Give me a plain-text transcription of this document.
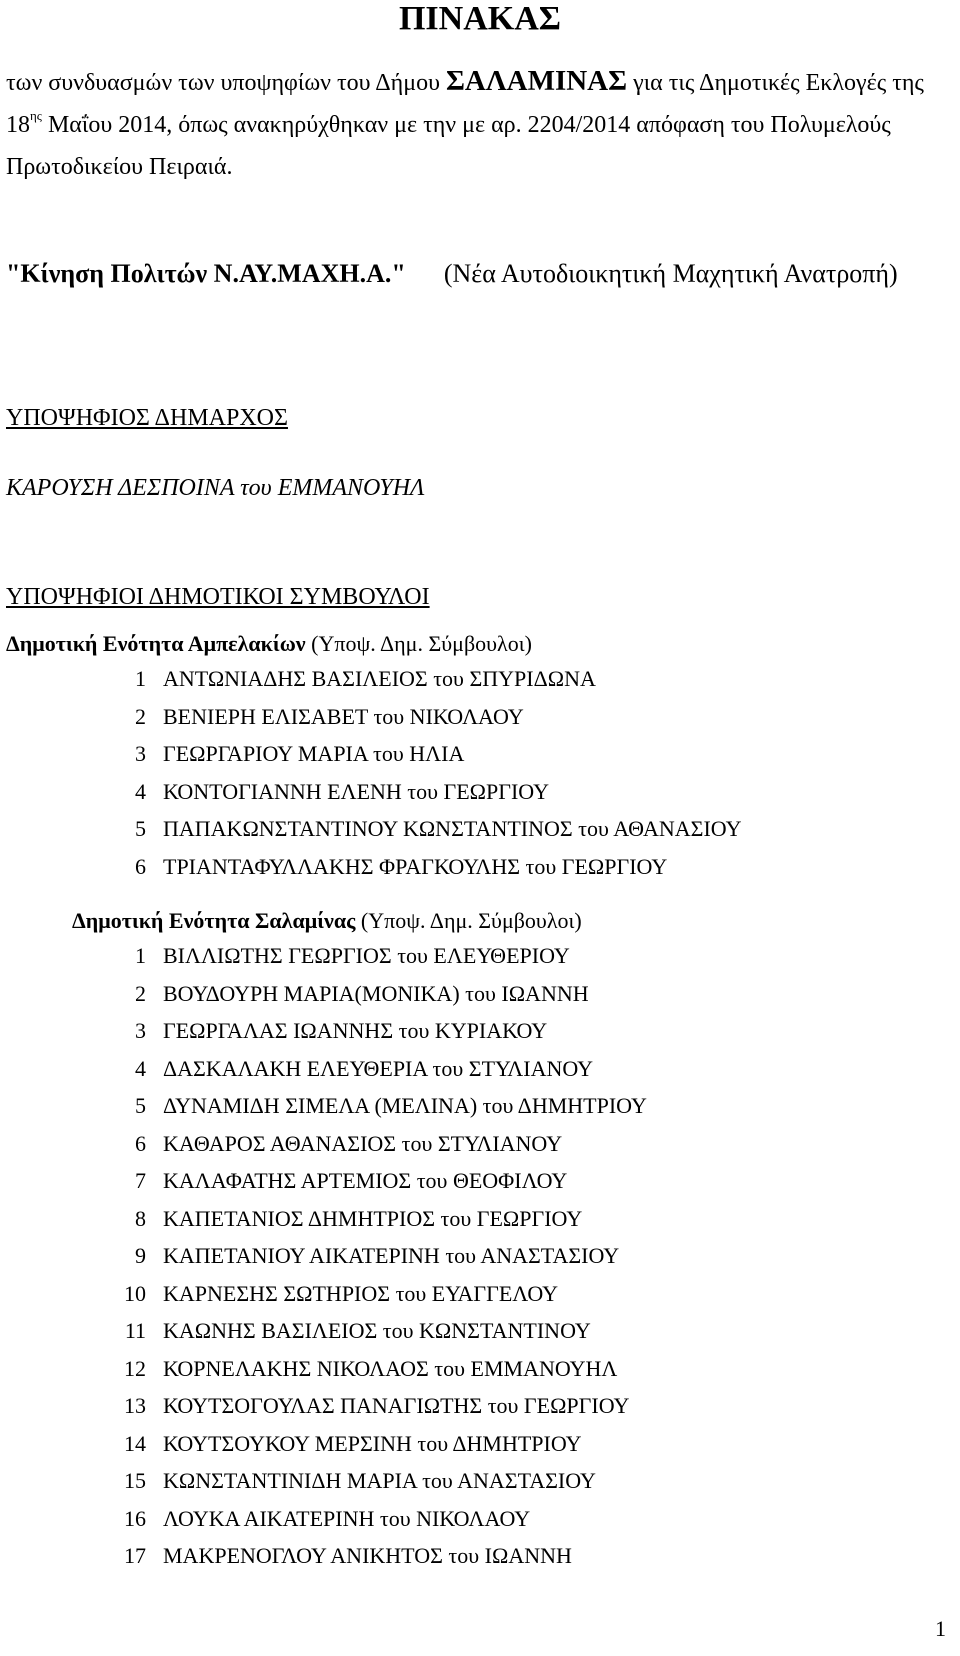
ΠΙΝΑΚΑΣ
των συνδυασμών των υποψηφίων του Δήμου ΣΑΛΑΜΙΝΑΣ για τις Δημοτικές Εκλογές της $18^{\eta\varsigma}$ Μαΐου 2014, όπως ανακηρύχθηκαν με την με αρ. 2204/2014 απόφαση του Πολυμελούς Πρωτοδικείου Πειραιά.
"Κίνηση Πολιτών Ν.ΑΥ.ΜΑΧΗ.Α." (Νέα Αυτοδιοικητική Μαχητική Ανατροπή)
ΥΠΟΨΗΦΙΟΣ ΔΗΜΑΡΧΟΣ
ΚΑΡΟΥΣΗ ΔΕΣΠΟΙΝΑ του ΕΜΜΑΝΟΥΗΛ
ΥΠΟΨΗΦΙΟΙ ΔΗΜΟΤΙΚΟΙ ΣΥΜΒΟΥΛΟΙ
Δημοτική Ενότητα Αμπελακίων (Υποψ. Δημ. Σύμβουλοι)
1 ΑΝΤΩΝΙΑΔΗΣ ΒΑΣΙΛΕΙΟΣ του ΣΠΥΡΙΔΩΝΑ
2 ΒΕΝΙΕΡΗ ΕΛΙΣΑΒΕΤ του ΝΙΚΟΛΑΟΥ
3 ΓΕΩΡΓΑΡΙΟΥ ΜΑΡΙΑ του ΗΛΙΑ
4 ΚΟΝΤΟΓΙΑΝΝΗ ΕΛΕΝΗ του ΓΕΩΡΓΙΟΥ
5 ΠΑΠΑΚΩΝΣΤΑΝΤΙΝΟΥ ΚΩΝΣΤΑΝΤΙΝΟΣ του ΑΘΑΝΑΣΙΟΥ
6 ΤΡΙΑΝΤΑΦΥΛΛΑΚΗΣ ΦΡΑΓΚΟΥΛΗΣ του ΓΕΩΡΓΙΟΥ
Δημοτική Ενότητα Σαλαμίνας (Υποψ. Δημ. Σύμβουλοι)
1 ΒΙΛΛΙΩΤΗΣ ΓΕΩΡΓΙΟΣ του ΕΛΕΥΘΕΡΙΟΥ
2 ΒΟΥΔΟΥΡΗ ΜΑΡΙΑ(ΜΟΝΙΚΑ) του ΙΩΑΝΝΗ
3 ΓΕΩΡΓΑΛΑΣ ΙΩΑΝΝΗΣ του ΚΥΡΙΑΚΟΥ
4 ΔΑΣΚΑΛΑΚΗ ΕΛΕΥΘΕΡΙΑ του ΣΤΥΛΙΑΝΟΥ
5 ΔΥΝΑΜΙΔΗ ΣΙΜΕΛΑ (ΜΕΛΙΝΑ) του ΔΗΜΗΤΡΙΟΥ
6 ΚΑΘΑΡΟΣ ΑΘΑΝΑΣΙΟΣ του ΣΤΥΛΙΑΝΟΥ
7 ΚΑΛΑΦΑΤΗΣ ΑΡΤΕΜΙΟΣ του ΘΕΟΦΙΛΟΥ
8 ΚΑΠΕΤΑΝΙΟΣ ΔΗΜΗΤΡΙΟΣ του ΓΕΩΡΓΙΟΥ
9 ΚΑΠΕΤΑΝΙΟΥ ΑΙΚΑΤΕΡΙΝΗ του ΑΝΑΣΤΑΣΙΟΥ
10 ΚΑΡΝΕΣΗΣ ΣΩΤΗΡΙΟΣ του ΕΥΑΓΓΕΛΟΥ
11 ΚΑΩΝΗΣ ΒΑΣΙΛΕΙΟΣ του ΚΩΝΣΤΑΝΤΙΝΟΥ
12 ΚΟΡΝΕΛΑΚΗΣ ΝΙΚΟΛΑΟΣ του ΕΜΜΑΝΟΥΗΛ
13 ΚΟΥΤΣΟΓΟΥΛΑΣ ΠΑΝΑΓΙΩΤΗΣ του ΓΕΩΡΓΙΟΥ
14 ΚΟΥΤΣΟΥΚΟΥ ΜΕΡΣΙΝΗ του ΔΗΜΗΤΡΙΟΥ
15 ΚΩΝΣΤΑΝΤΙΝΙΔΗ ΜΑΡΙΑ του ΑΝΑΣΤΑΣΙΟΥ
16 ΛΟΥΚΑ ΑΙΚΑΤΕΡΙΝΗ του ΝΙΚΟΛΑΟΥ
17 ΜΑΚΡΕΝΟΓΛΟΥ ΑΝΙΚΗΤΟΣ του ΙΩΑΝΝΗ
1
